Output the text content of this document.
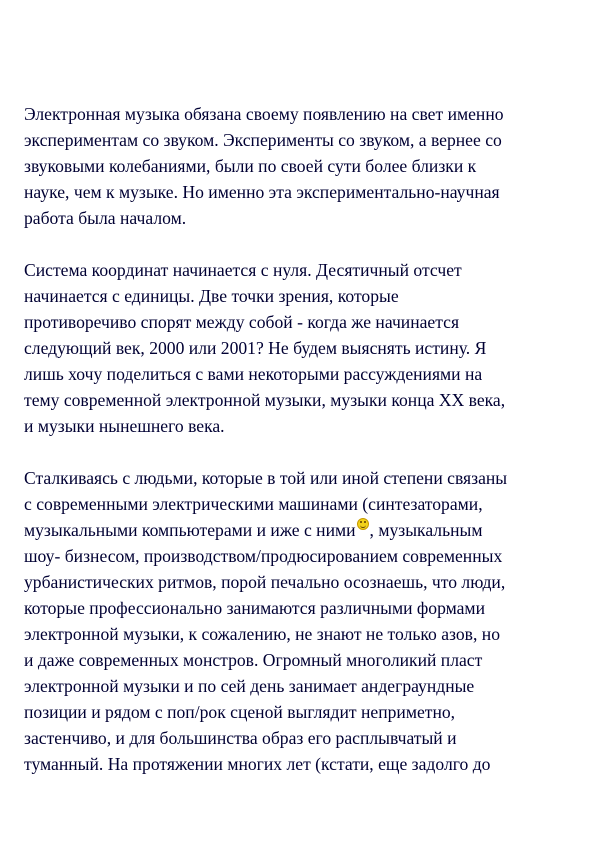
Электронная музыка обязана своему появлению на свет именно
экспериментам со звуком. Эксперименты со звуком, а вернее со
звуковыми колебаниями, были по своей сути более близки к
науке, чем к музыке. Но именно эта экспериментально-научная
работа была началом.

Система координат начинается с нуля. Десятичный отсчет
начинается с единицы. Две точки зрения, которые
противоречиво спорят между собой - когда же начинается
следующий век, 2000 или 2001? Не будем выяснять истину. Я
лишь хочу поделиться с вами некоторыми рассуждениями на
тему современной электронной музыки, музыки конца XX века,
и музыки нынешнего века.

Сталкиваясь с людьми, которые в той или иной степени связаны
с современными электрическими машинами (синтезаторами,
музыкальными компьютерами и иже с ними , музыкальным
шоу- бизнесом, производством/продюсированием современных
урбанистических ритмов, порой печально осознаешь, что люди,
которые профессионально занимаются различными формами
электронной музыки, к сожалению, не знают не только азов, но
и даже современных монстров. Огромный многоликий пласт
электронной музыки и по сей день занимает андеграундные
позиции и рядом с поп/рок сценой выглядит неприметно,
застенчиво, и для большинства образ его расплывчатый и
туманный. На протяжении многих лет (кстати, еще задолго до
